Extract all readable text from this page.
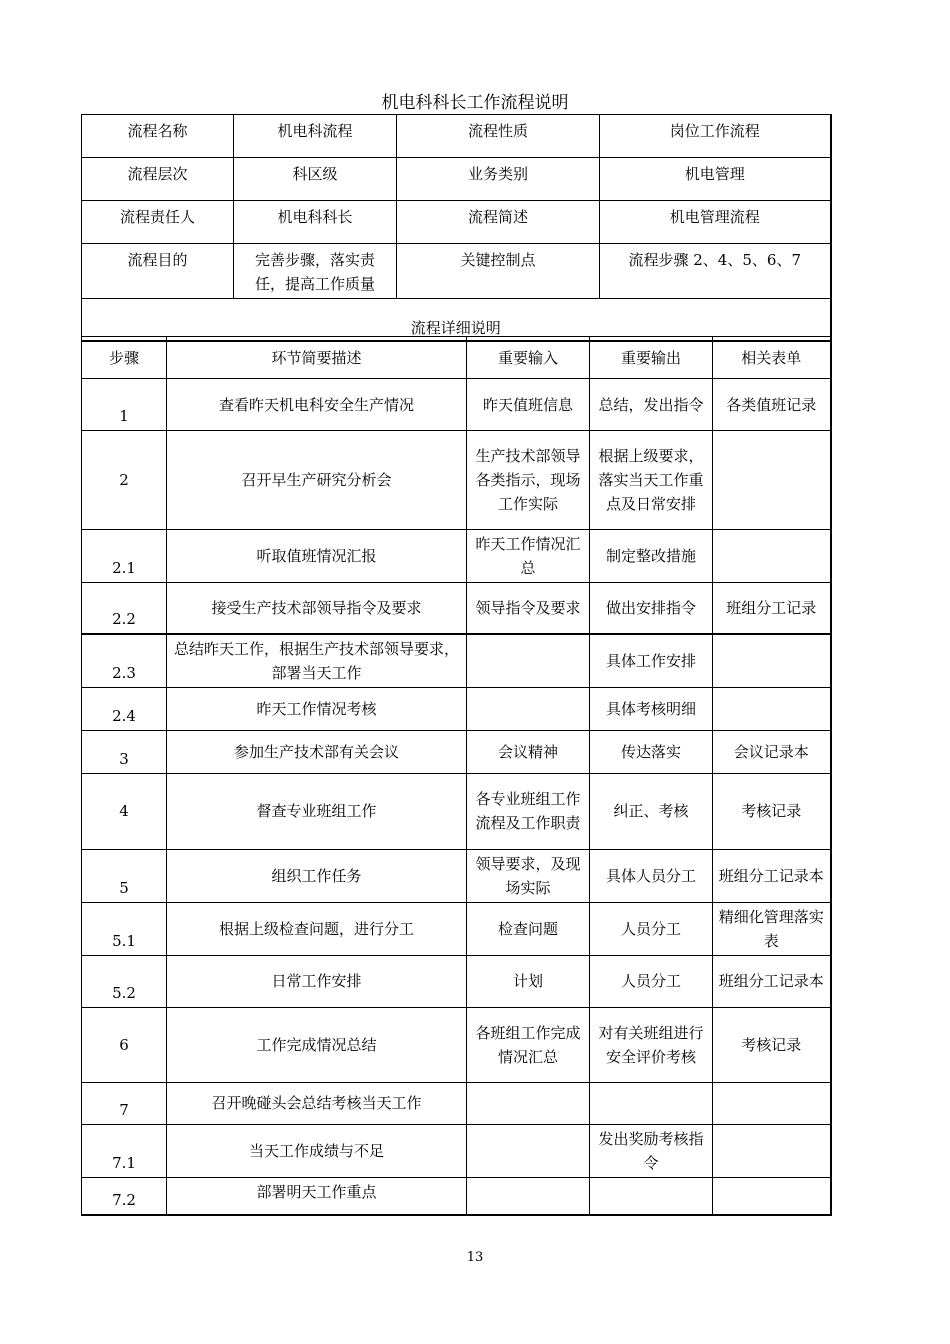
机电科科长工作流程说明
流程名称	机电科流程	流程性质	岗位工作流程
流程层次	科区级	业务类别	机电管理
流程责任人	机电科科长	流程简述	机电管理流程
流程目的	完善步骤，落实责任，提高工作质量	关键控制点	流程步骤 2、4、5、6、7
流程详细说明			
步骤	环节简要描述	重要输入	重要输出	相关表单
1	查看昨天机电科安全生产情况	昨天值班信息	总结，发出指令	各类值班记录
2	召开早生产研究分析会	生产技术部领导各类指示，现场工作实际	根据上级要求，落实当天工作重点及日常安排	
2.1	听取值班情况汇报	昨天工作情况汇总	制定整改措施	
2.2	接受生产技术部领导指令及要求	领导指令及要求	做出安排指令	班组分工记录
2.3	总结昨天工作，根据生产技术部领导要求，部署当天工作		具体工作安排	
2.4	昨天工作情况考核		具体考核明细	
3	参加生产技术部有关会议	会议精神	传达落实	会议记录本
4	督查专业班组工作	各专业班组工作流程及工作职责	纠正、考核	考核记录
5	组织工作任务	领导要求，及现场实际	具体人员分工	班组分工记录本
5.1	根据上级检查问题，进行分工	检查问题	人员分工	精细化管理落实表
5.2	日常工作安排	计划	人员分工	班组分工记录本
6	工作完成情况总结	各班组工作完成情况汇总	对有关班组进行安全评价考核	考核记录
7	召开晚碰头会总结考核当天工作			
7.1	当天工作成绩与不足		发出奖励考核指令	
7.2	部署明天工作重点			
13
